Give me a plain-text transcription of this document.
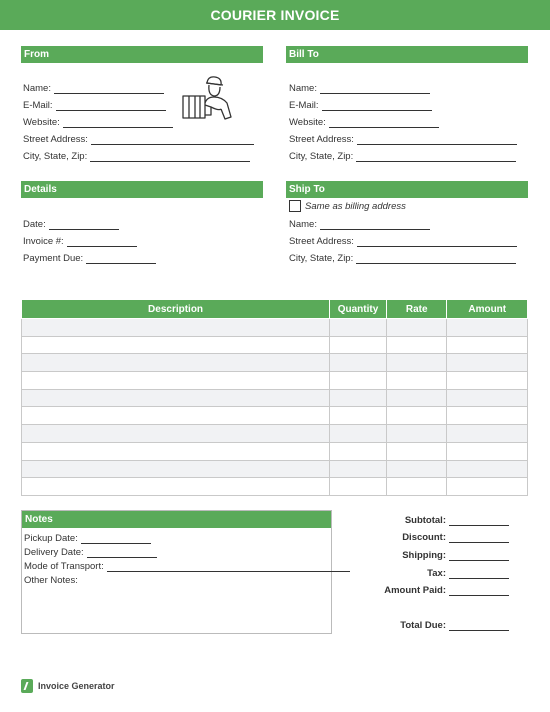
COURIER INVOICE
From
Name:
E-Mail:
Website:
Street Address:
City, State, Zip:
Bill To
Name:
E-Mail:
Website:
Street Address:
City, State, Zip:
Details
Date:
Invoice #:
Payment Due:
Ship To
Same as billing address
Name:
Street Address:
City, State, Zip:
Description	Quantity	Rate	Amount

Notes
Pickup Date:
Delivery Date:
Mode of Transport:
Other Notes:
Subtotal:
Discount:
Shipping:
Tax:
Amount Paid:
Total Due:
Invoice Generator
